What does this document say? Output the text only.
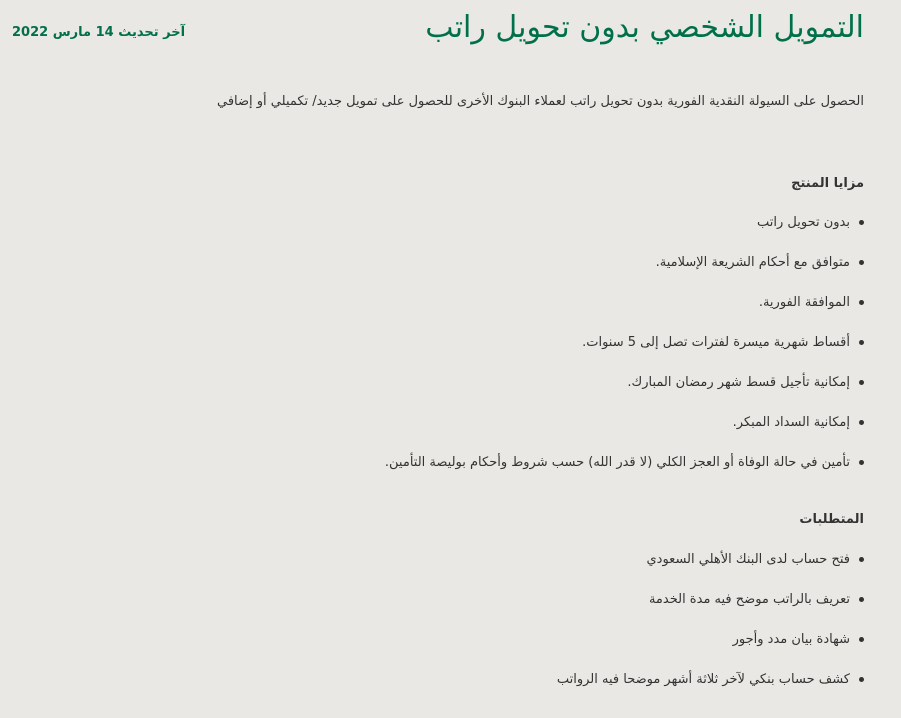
التمويل الشخصي بدون تحويل راتب
آخر تحديث 14 مارس 2022

الحصول على السيولة النقدية الفورية بدون تحويل راتب لعملاء البنوك الأخرى للحصول على تمويل جديد/ تكميلي أو إضافي

مزايا المنتج
بدون تحويل راتب
متوافق مع أحكام الشريعة الإسلامية.
الموافقة الفورية.
أقساط شهرية ميسرة لفترات تصل إلى 5 سنوات.
إمكانية تأجيل قسط شهر رمضان المبارك.
إمكانية السداد المبكر.
تأمين في حالة الوفاة أو العجز الكلي (لا قدر الله) حسب شروط وأحكام بوليصة التأمين.
المتطلبات
فتح حساب لدى البنك الأهلي السعودي
تعريف بالراتب موضح فيه مدة الخدمة
شهادة بيان مدد وأجور
كشف حساب بنكي لآخر ثلاثة أشهر موضحا فيه الرواتب
